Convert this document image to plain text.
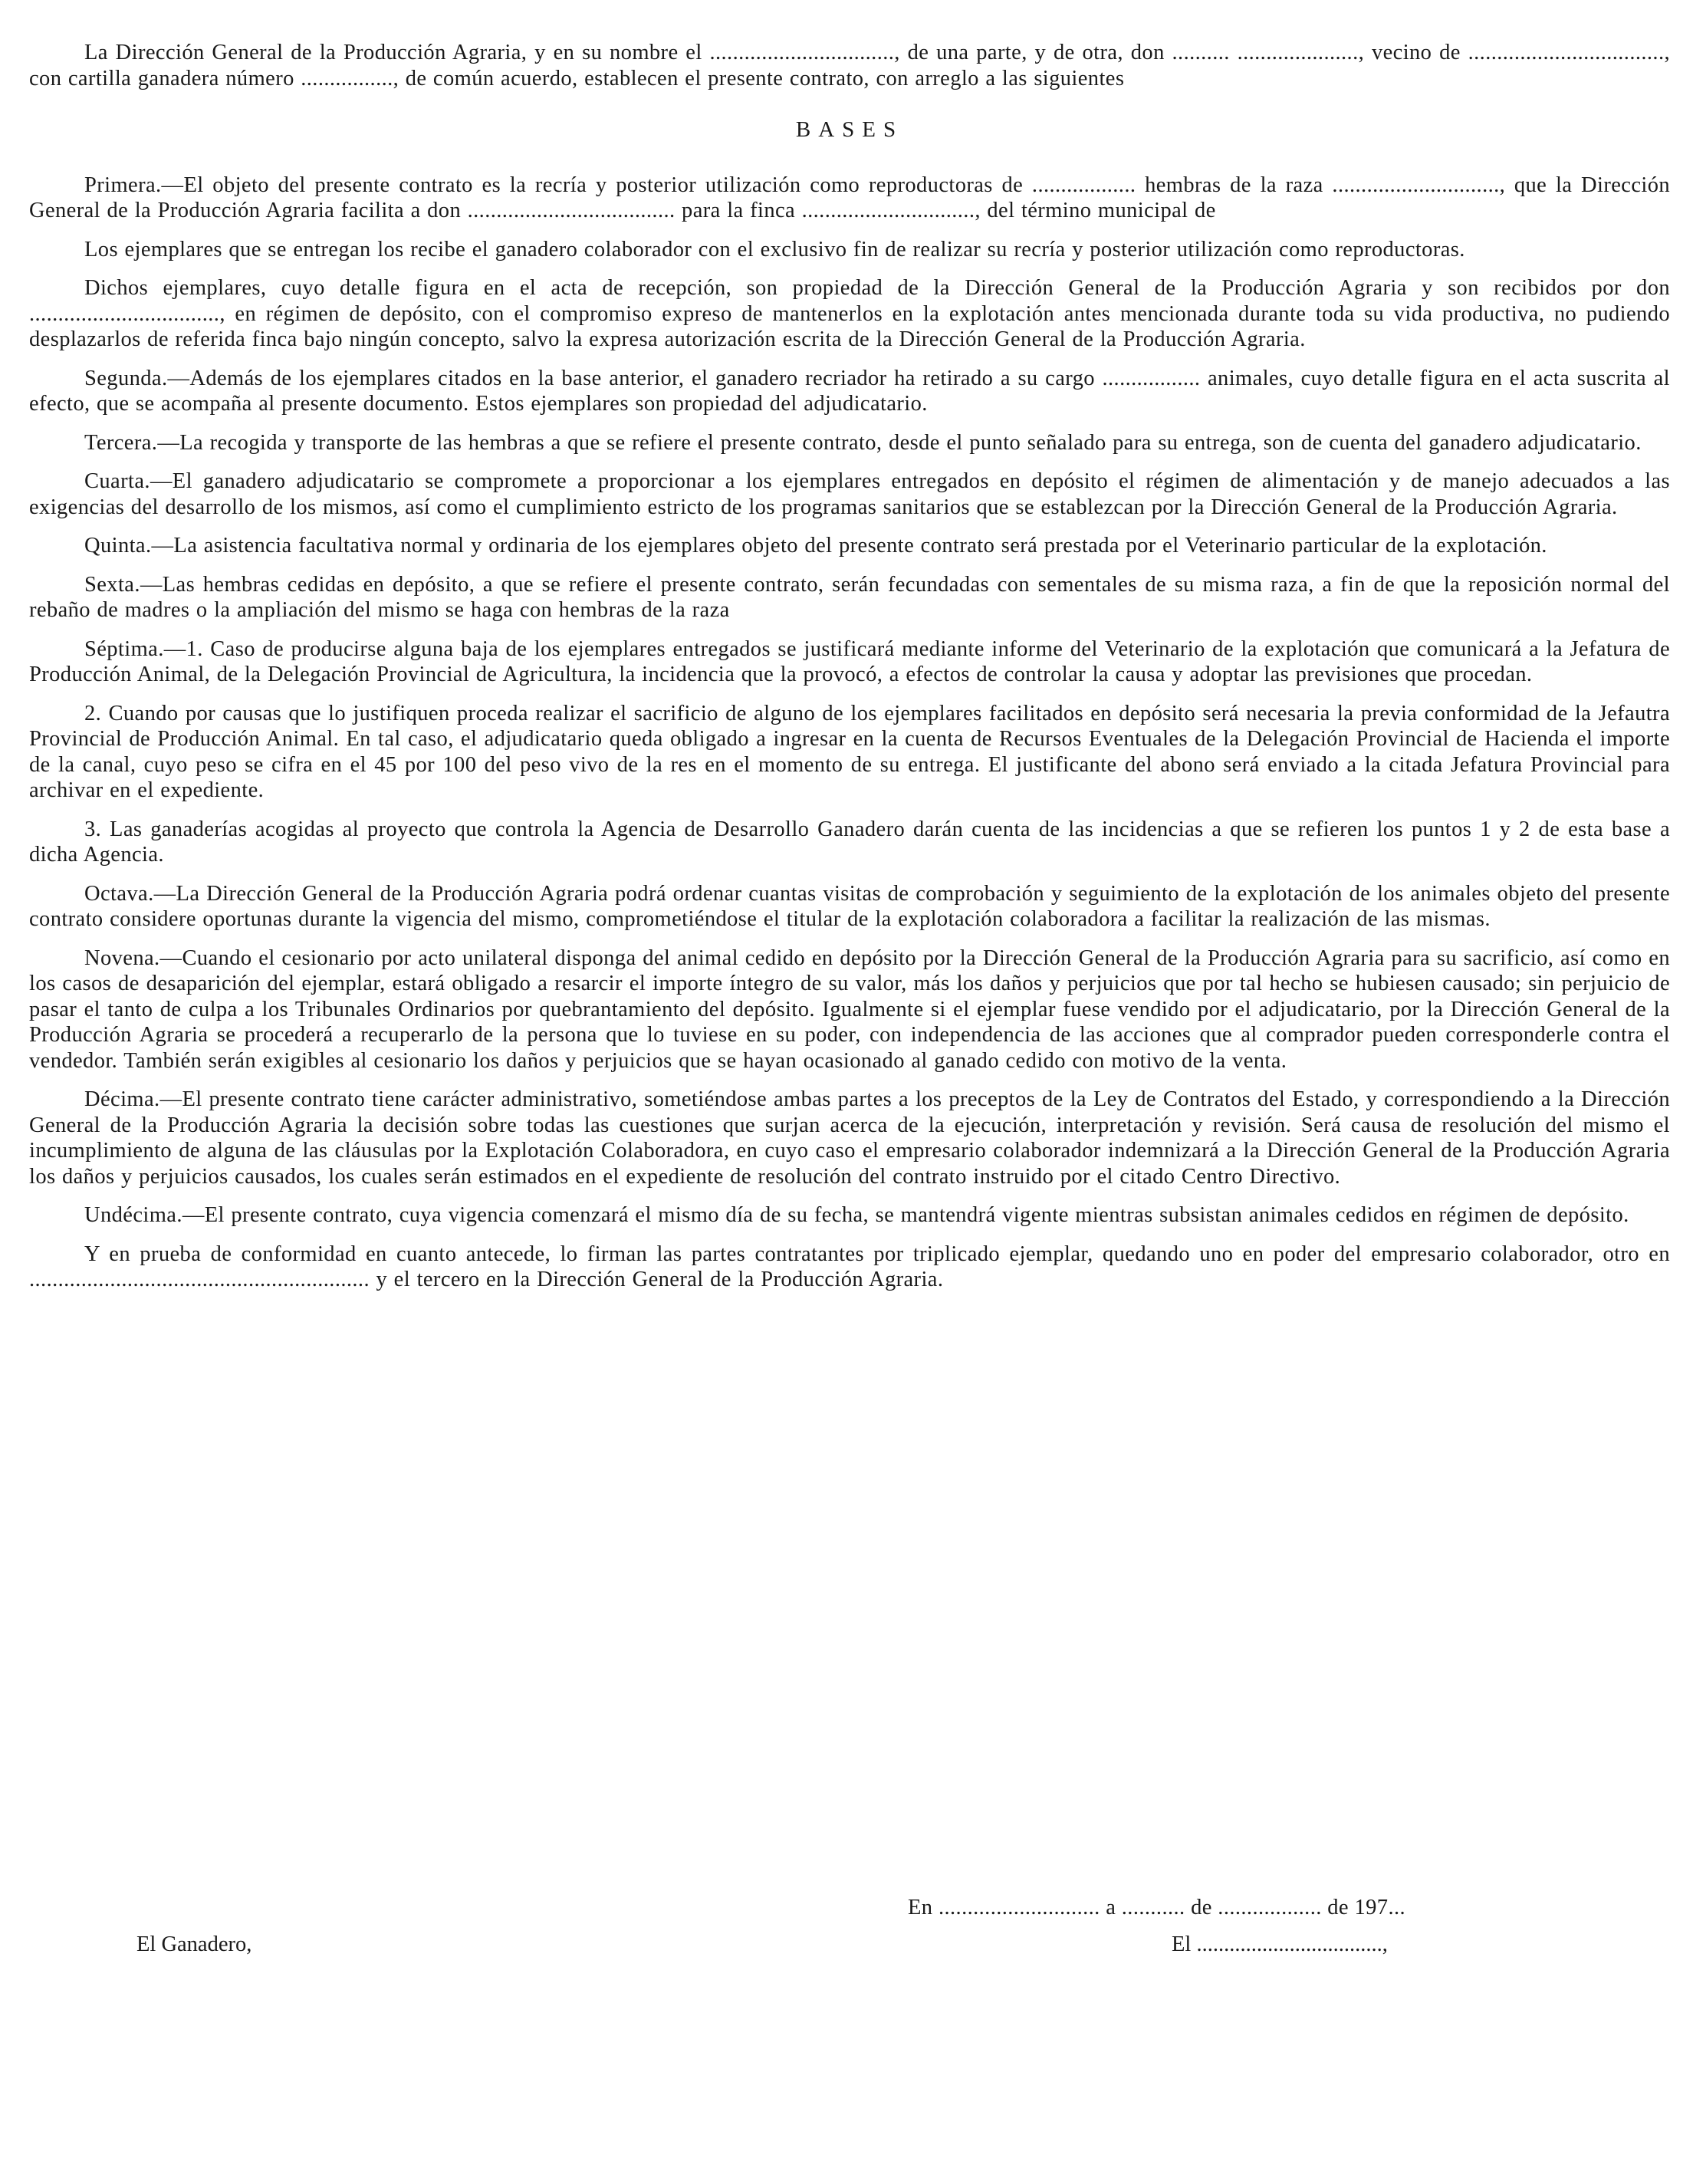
La Dirección General de la Producción Agraria, y en su nombre el ................................, de una parte, y de otra, don .......... ....................., vecino de .................................., con cartilla ganadera número ................, de común acuerdo, establecen el presente contrato, con arreglo a las siguientes

BASES

Primera.—El objeto del presente contrato es la recría y posterior utilización como reproductoras de .................. hembras de la raza ............................., que la Dirección General de la Producción Agraria facilita a don .................................... para la finca .............................., del término municipal de

Los ejemplares que se entregan los recibe el ganadero colaborador con el exclusivo fin de realizar su recría y posterior utilización como reproductoras.

Dichos ejemplares, cuyo detalle figura en el acta de recepción, son propiedad de la Dirección General de la Producción Agraria y son recibidos por don ................................., en régimen de depósito, con el compromiso expreso de mantenerlos en la explotación antes mencionada durante toda su vida productiva, no pudiendo desplazarlos de referida finca bajo ningún concepto, salvo la expresa autorización escrita de la Dirección General de la Producción Agraria.

Segunda.—Además de los ejemplares citados en la base anterior, el ganadero recriador ha retirado a su cargo ................. animales, cuyo detalle figura en el acta suscrita al efecto, que se acompaña al presente documento. Estos ejemplares son propiedad del adjudicatario.

Tercera.—La recogida y transporte de las hembras a que se refiere el presente contrato, desde el punto señalado para su entrega, son de cuenta del ganadero adjudicatario.

Cuarta.—El ganadero adjudicatario se compromete a proporcionar a los ejemplares entregados en depósito el régimen de alimentación y de manejo adecuados a las exigencias del desarrollo de los mismos, así como el cumplimiento estricto de los programas sanitarios que se establezcan por la Dirección General de la Producción Agraria.

Quinta.—La asistencia facultativa normal y ordinaria de los ejemplares objeto del presente contrato será prestada por el Veterinario particular de la explotación.

Sexta.—Las hembras cedidas en depósito, a que se refiere el presente contrato, serán fecundadas con sementales de su misma raza, a fin de que la reposición normal del rebaño de madres o la ampliación del mismo se haga con hembras de la raza

Séptima.—1. Caso de producirse alguna baja de los ejemplares entregados se justificará mediante informe del Veterinario de la explotación que comunicará a la Jefatura de Producción Animal, de la Delegación Provincial de Agricultura, la incidencia que la provocó, a efectos de controlar la causa y adoptar las previsiones que procedan.

2. Cuando por causas que lo justifiquen proceda realizar el sacrificio de alguno de los ejemplares facilitados en depósito será necesaria la previa conformidad de la Jefautra Provincial de Producción Animal. En tal caso, el adjudicatario queda obligado a ingresar en la cuenta de Recursos Eventuales de la Delegación Provincial de Hacienda el importe de la canal, cuyo peso se cifra en el 45 por 100 del peso vivo de la res en el momento de su entrega. El justificante del abono será enviado a la citada Jefatura Provincial para archivar en el expediente.

3. Las ganaderías acogidas al proyecto que controla la Agencia de Desarrollo Ganadero darán cuenta de las incidencias a que se refieren los puntos 1 y 2 de esta base a dicha Agencia.

Octava.—La Dirección General de la Producción Agraria podrá ordenar cuantas visitas de comprobación y seguimiento de la explotación de los animales objeto del presente contrato considere oportunas durante la vigencia del mismo, comprometiéndose el titular de la explotación colaboradora a facilitar la realización de las mismas.

Novena.—Cuando el cesionario por acto unilateral disponga del animal cedido en depósito por la Dirección General de la Producción Agraria para su sacrificio, así como en los casos de desaparición del ejemplar, estará obligado a resarcir el importe íntegro de su valor, más los daños y perjuicios que por tal hecho se hubiesen causado; sin perjuicio de pasar el tanto de culpa a los Tribunales Ordinarios por quebrantamiento del depósito. Igualmente si el ejemplar fuese vendido por el adjudicatario, por la Dirección General de la Producción Agraria se procederá a recuperarlo de la persona que lo tuviese en su poder, con independencia de las acciones que al comprador pueden corresponderle contra el vendedor. También serán exigibles al cesionario los daños y perjuicios que se hayan ocasionado al ganado cedido con motivo de la venta.

Décima.—El presente contrato tiene carácter administrativo, sometiéndose ambas partes a los preceptos de la Ley de Contratos del Estado, y correspondiendo a la Dirección General de la Producción Agraria la decisión sobre todas las cuestiones que surjan acerca de la ejecución, interpretación y revisión. Será causa de resolución del mismo el incumplimiento de alguna de las cláusulas por la Explotación Colaboradora, en cuyo caso el empresario colaborador indemnizará a la Dirección General de la Producción Agraria los daños y perjuicios causados, los cuales serán estimados en el expediente de resolución del contrato instruido por el citado Centro Directivo.

Undécima.—El presente contrato, cuya vigencia comenzará el mismo día de su fecha, se mantendrá vigente mientras subsistan animales cedidos en régimen de depósito.

Y en prueba de conformidad en cuanto antecede, lo firman las partes contratantes por triplicado ejemplar, quedando uno en poder del empresario colaborador, otro en ........................................................... y el tercero en la Dirección General de la Producción Agraria.

En ............................ a ........... de .................. de 197...
El Ganadero,	El ..................................,
